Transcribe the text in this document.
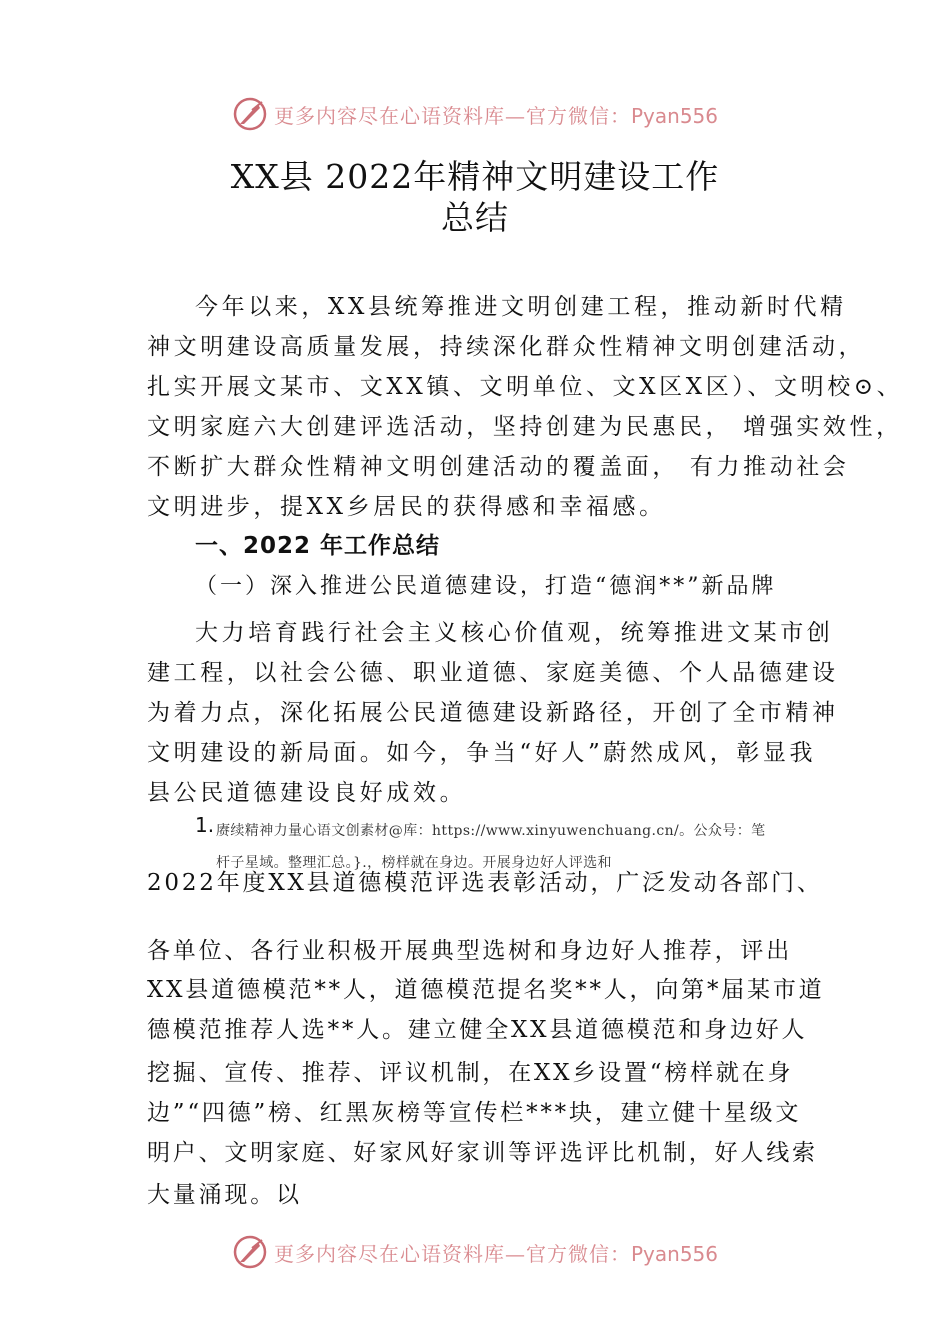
更多内容尽在心语资料库—官方微信：Pyan556
XX县 2022年精神文明建设工作
总结
今年以来，XX县统筹推进文明创建工程，推动新时代精
神文明建设高质量发展，持续深化群众性精神文明创建活动，
扎实开展文某市、文XX镇、文明单位、文X区X区）、文明校⊙、
文明家庭六大创建评选活动，坚持创建为民惠民， 增强实效性，
不断扩大群众性精神文明创建活动的覆盖面， 有力推动社会
文明进步，提XX乡居民的获得感和幸福感。
一、2022 年工作总结
（一）深入推进公民道德建设，打造“德润**”新品牌
大力培育践行社会主义核心价值观，统筹推进文某市创
建工程，以社会公德、职业道德、家庭美德、个人品德建设
为着力点，深化拓展公民道德建设新路径，开创了全市精神
文明建设的新局面。如今，争当“好人”蔚然成风，彰显我
县公民道德建设良好成效。
1. 赓续精神力量心语文创素材@库：https://www.xinyuwenchuang.cn/。公众号：笔
杆子星域。整理汇总。}.，榜样就在身边。开展身边好人评选和
2022年度XX县道德模范评选表彰活动，广泛发动各部门、
各单位、各行业积极开展典型选树和身边好人推荐，评出
XX县道德模范**人，道德模范提名奖**人，向第*届某市道
德模范推荐人选**人。建立健全XX县道德模范和身边好人
挖掘、宣传、推荐、评议机制，在XX乡设置“榜样就在身
边”“四德”榜、红黑灰榜等宣传栏***块，建立健十星级文
明户、文明家庭、好家风好家训等评选评比机制，好人线索
大量涌现。以
更多内容尽在心语资料库—官方微信：Pyan556
